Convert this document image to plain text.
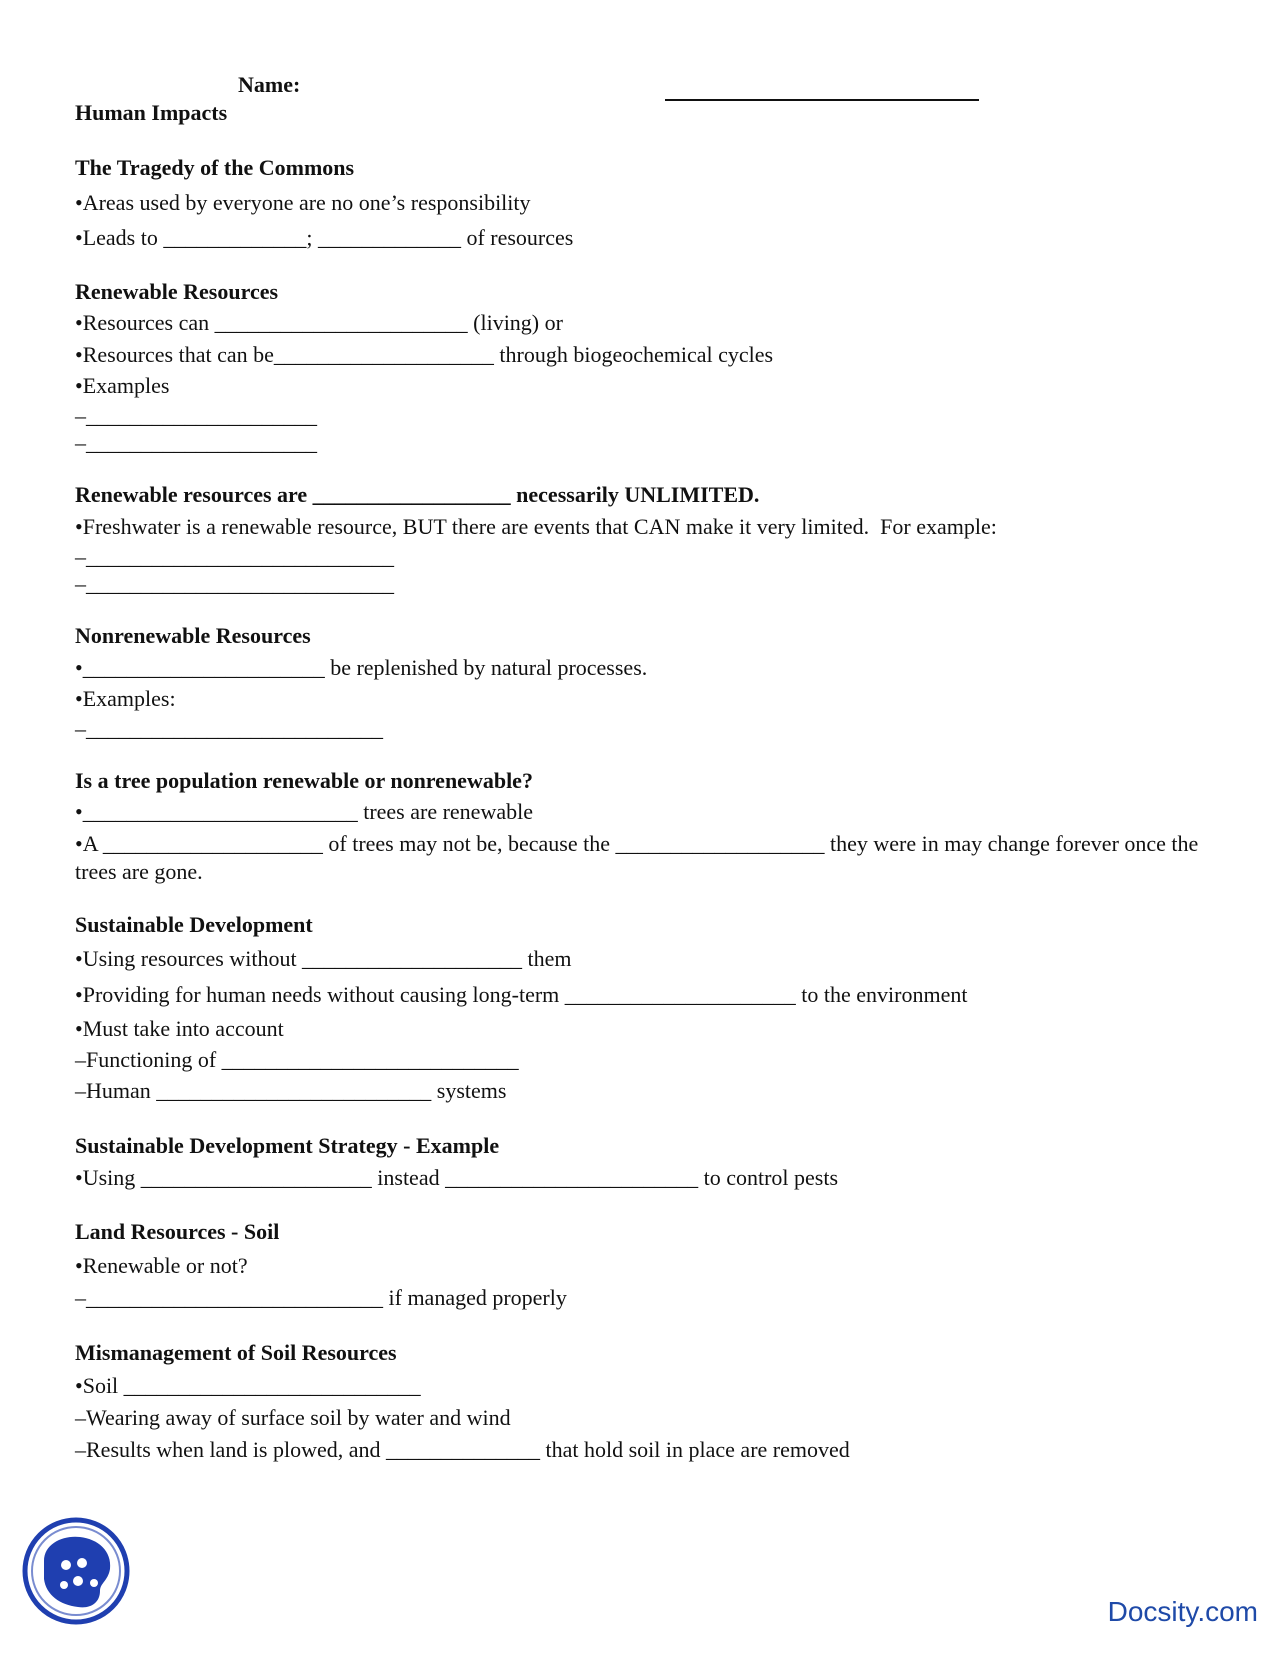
Name:
Human Impacts
The Tragedy of the Commons
•Areas used by everyone are no one’s responsibility
•Leads to _____________; _____________ of resources
Renewable Resources
•Resources can _______________________ (living) or
•Resources that can be____________________ through biogeochemical cycles
•Examples
–_____________________
–_____________________
Renewable resources are __________________ necessarily UNLIMITED.
•Freshwater is a renewable resource, BUT there are events that CAN make it very limited.  For example:
–____________________________
–____________________________
Nonrenewable Resources
•______________________ be replenished by natural processes.
•Examples:
–___________________________
Is a tree population renewable or nonrenewable?
•_________________________ trees are renewable
•A ____________________ of trees may not be, because the ___________________ they were in may change forever once the trees are gone.
Sustainable Development
•Using resources without ____________________ them
•Providing for human needs without causing long-term _____________________ to the environment
•Must take into account
–Functioning of ___________________________
–Human _________________________ systems
Sustainable Development Strategy - Example
•Using _____________________ instead _______________________ to control pests
Land Resources - Soil
•Renewable or not?
–___________________________ if managed properly
Mismanagement of Soil Resources
•Soil ___________________________
–Wearing away of surface soil by water and wind
–Results when land is plowed, and ______________ that hold soil in place are removed
Docsity.com
